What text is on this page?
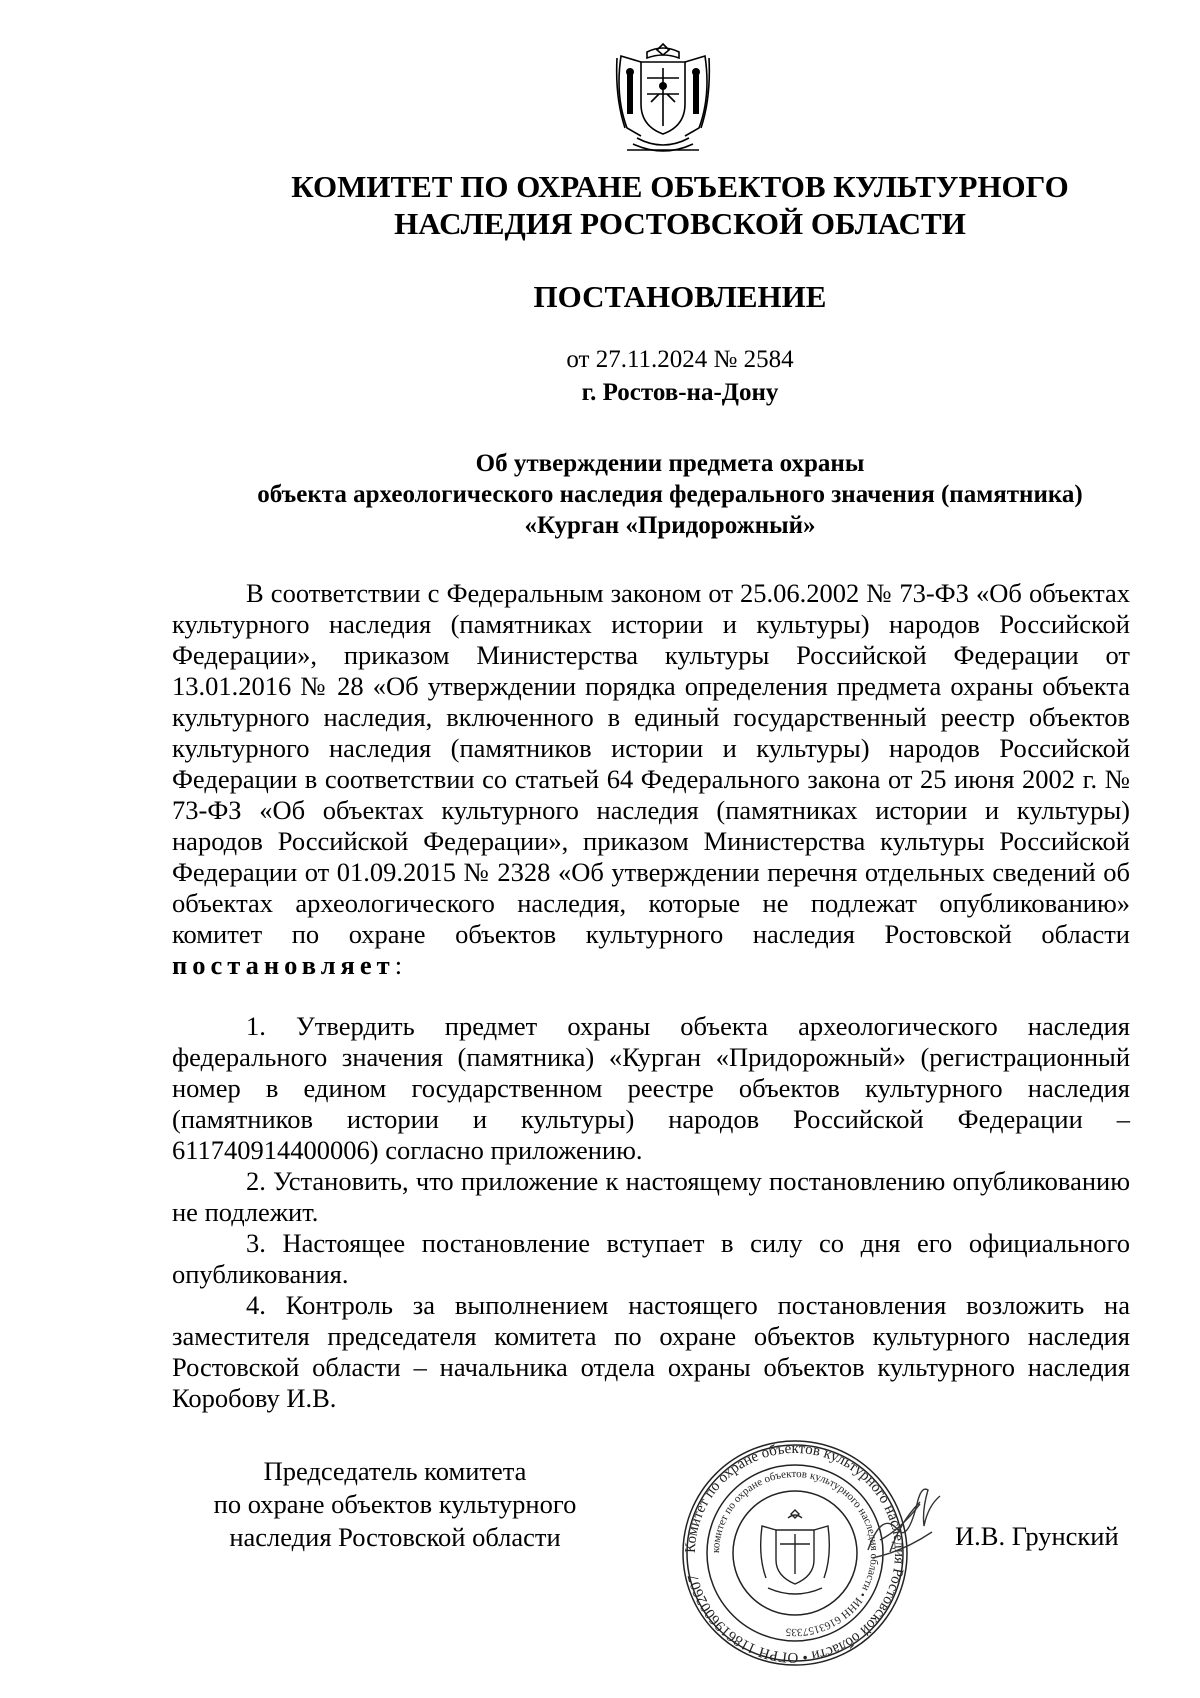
КОМИТЕТ ПО ОХРАНЕ ОБЪЕКТОВ КУЛЬТУРНОГО
НАСЛЕДИЯ РОСТОВСКОЙ ОБЛАСТИ
ПОСТАНОВЛЕНИЕ
от 27.11.2024 № 2584
г. Ростов-на-Дону
Об утверждении предмета охраны
объекта археологического наследия федерального значения (памятника)
«Курган «Придорожный»

В соответствии с Федеральным законом от 25.06.2002 № 73-ФЗ «Об объектах культурного наследия (памятниках истории и культуры) народов Российской Федерации», приказом Министерства культуры Российской Федерации от 13.01.2016 № 28 «Об утверждении порядка определения предмета охраны объекта культурного наследия, включенного в единый государственный реестр объектов культурного наследия (памятников истории и культуры) народов Российской Федерации в соответствии со статьей 64 Федерального закона от 25 июня 2002 г. № 73-ФЗ «Об объектах культурного наследия (памятниках истории и культуры) народов Российской Федерации», приказом Министерства культуры Российской Федерации от 01.09.2015 № 2328 «Об утверждении перечня отдельных сведений об объектах археологического наследия, которые не подлежат опубликованию» комитет по охране объектов культурного наследия Ростовской области постановляет:

1. Утвердить предмет охраны объекта археологического наследия федерального значения (памятника) «Курган «Придорожный» (регистрационный номер в едином государственном реестре объектов культурного наследия (памятников истории и культуры) народов Российской Федерации – 611740914400006) согласно приложению.

2. Установить, что приложение к настоящему постановлению опубликованию не подлежит.

3. Настоящее постановление вступает в силу со дня его официального опубликования.

4. Контроль за выполнением настоящего постановления возложить на заместителя председателя комитета по охране объектов культурного наследия Ростовской области – начальника отдела охраны объектов культурного наследия Коробову И.В.

Председатель комитета
по охране объектов культурного
наследия Ростовской области	Комитет по охране объектов культурного наследия Ростовской области • ОГРН 1186196002607
комитет по охране объектов культурного наследия области • ИНН 6163157335
И.В. Грунский
